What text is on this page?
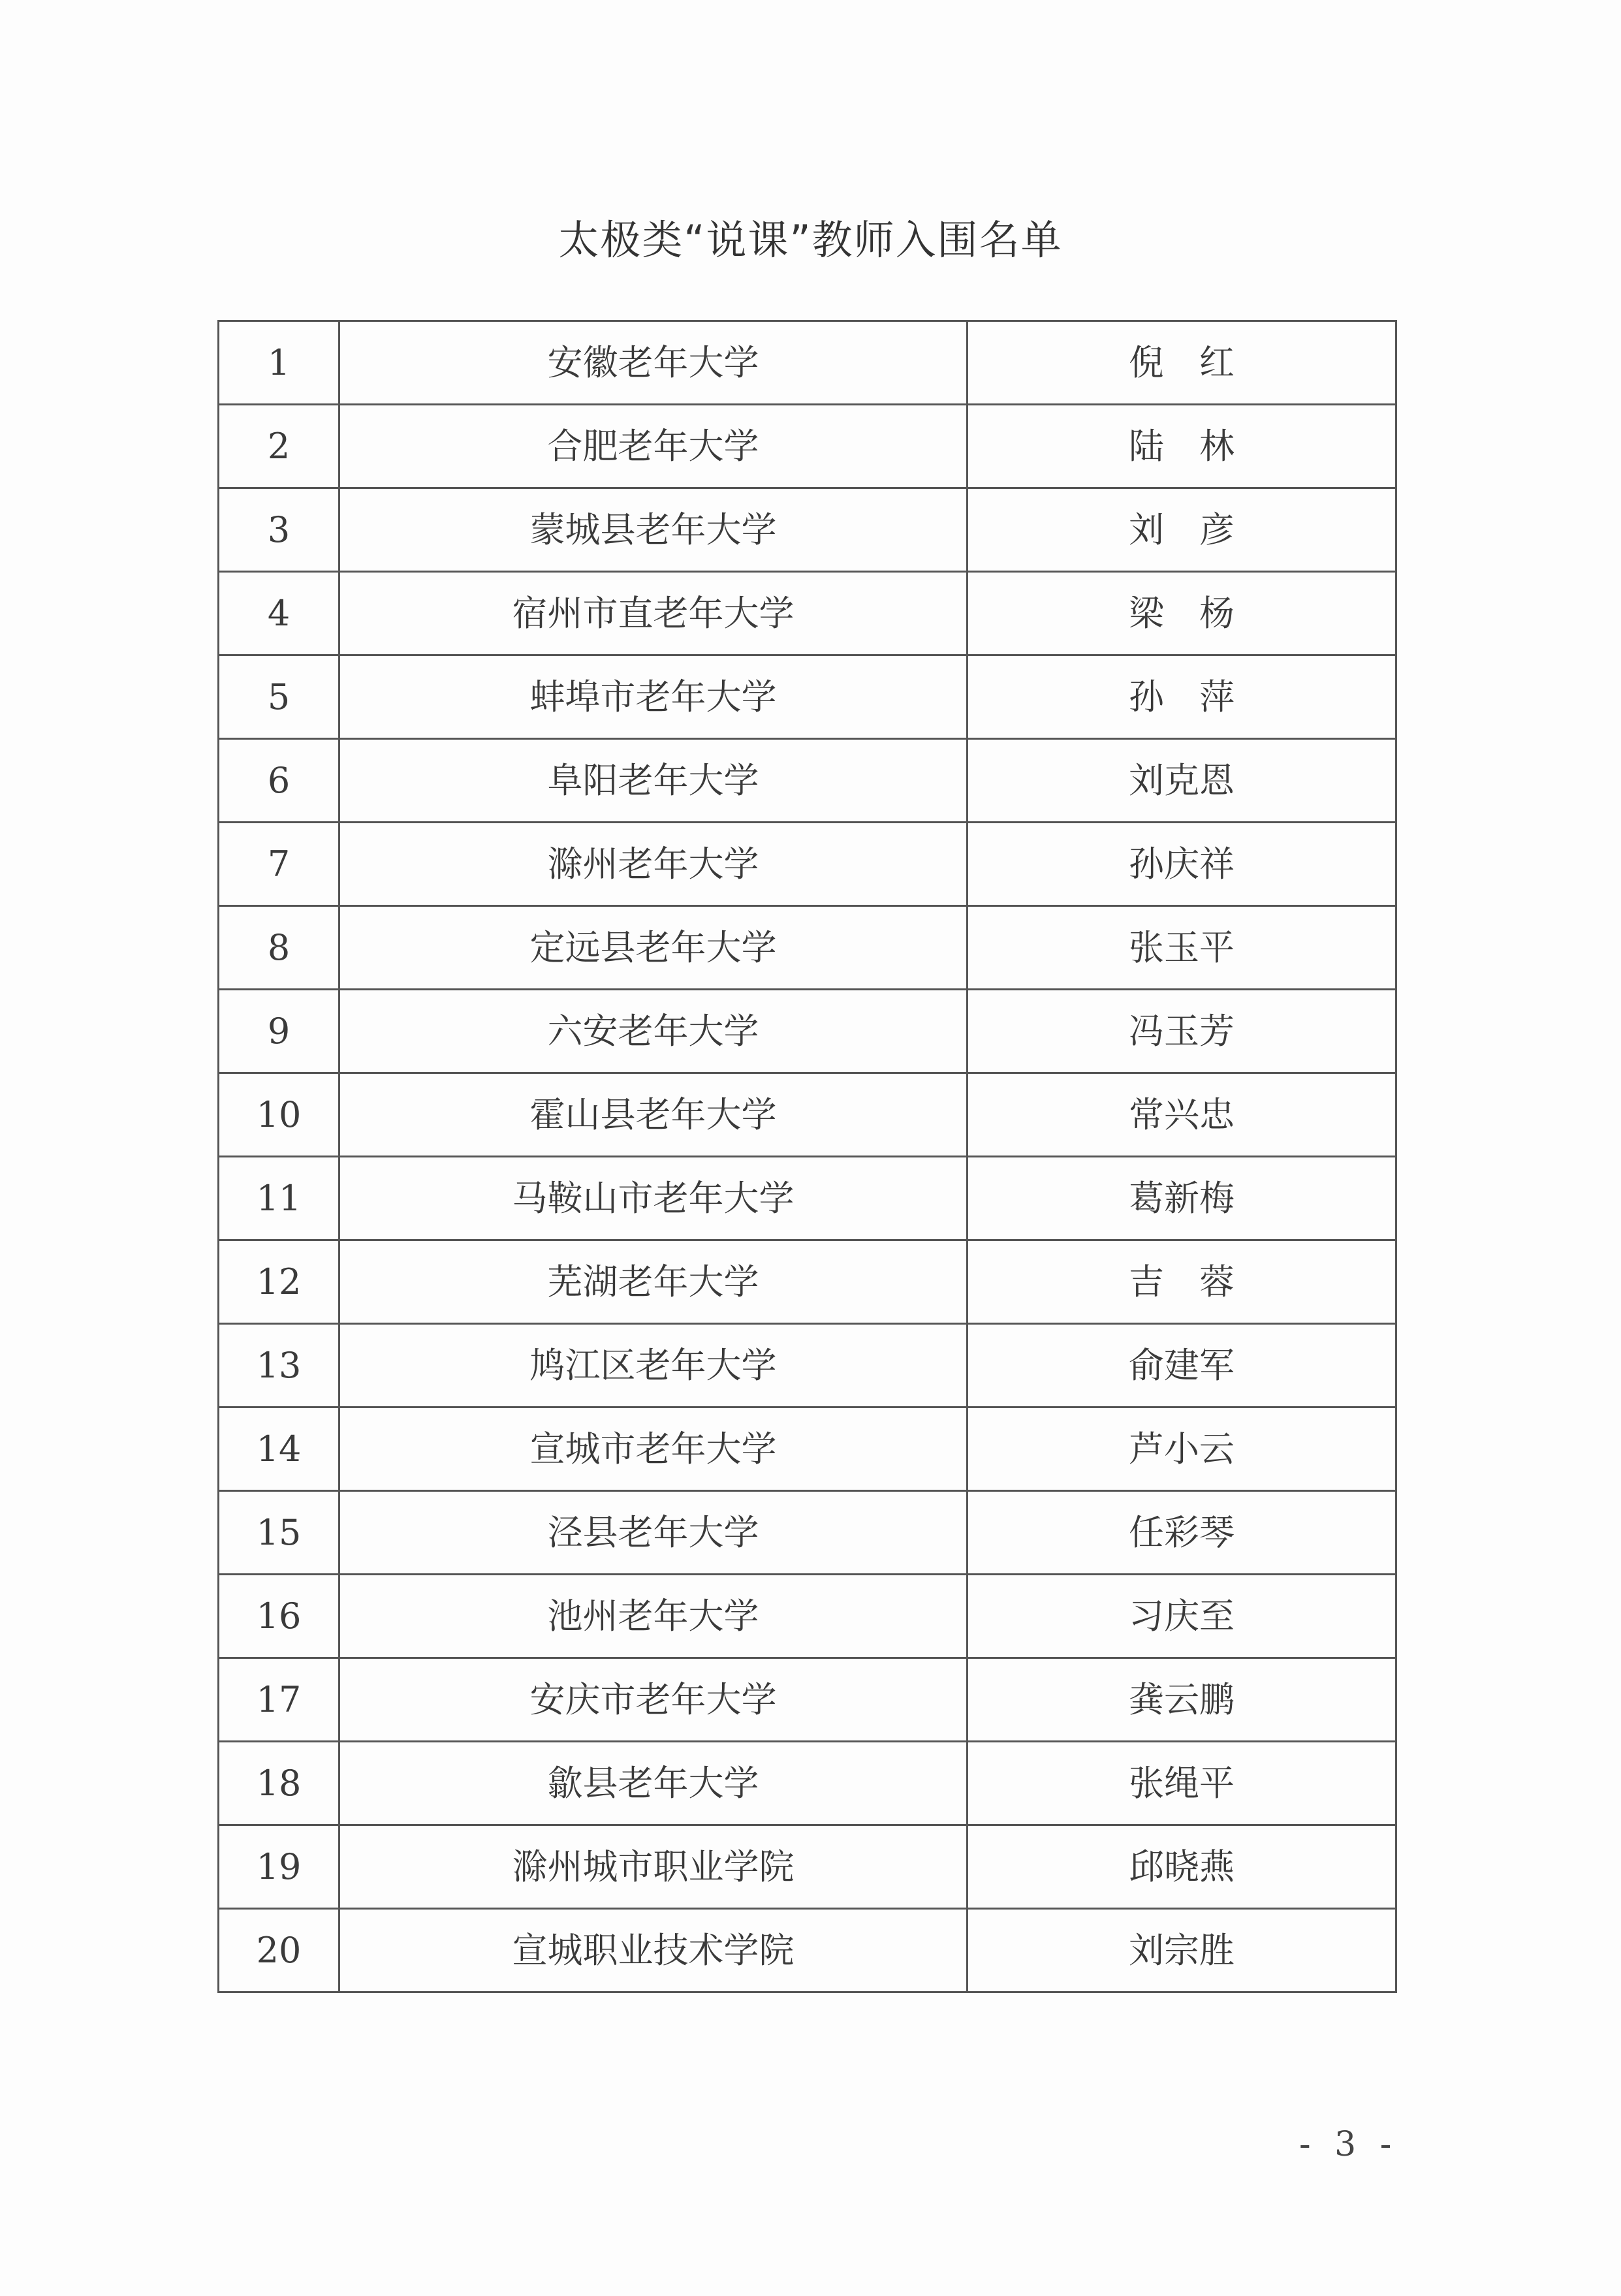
太极类“说课”教师入围名单
1	安徽老年大学	倪　红
2	合肥老年大学	陆　林
3	蒙城县老年大学	刘　彦
4	宿州市直老年大学	梁　杨
5	蚌埠市老年大学	孙　萍
6	阜阳老年大学	刘克恩
7	滁州老年大学	孙庆祥
8	定远县老年大学	张玉平
9	六安老年大学	冯玉芳
10	霍山县老年大学	常兴忠
11	马鞍山市老年大学	葛新梅
12	芜湖老年大学	吉　蓉
13	鸠江区老年大学	俞建军
14	宣城市老年大学	芦小云
15	泾县老年大学	任彩琴
16	池州老年大学	习庆至
17	安庆市老年大学	龚云鹏
18	歙县老年大学	张绳平
19	滁州城市职业学院	邱晓燕
20	宣城职业技术学院	刘宗胜

- 3 -
